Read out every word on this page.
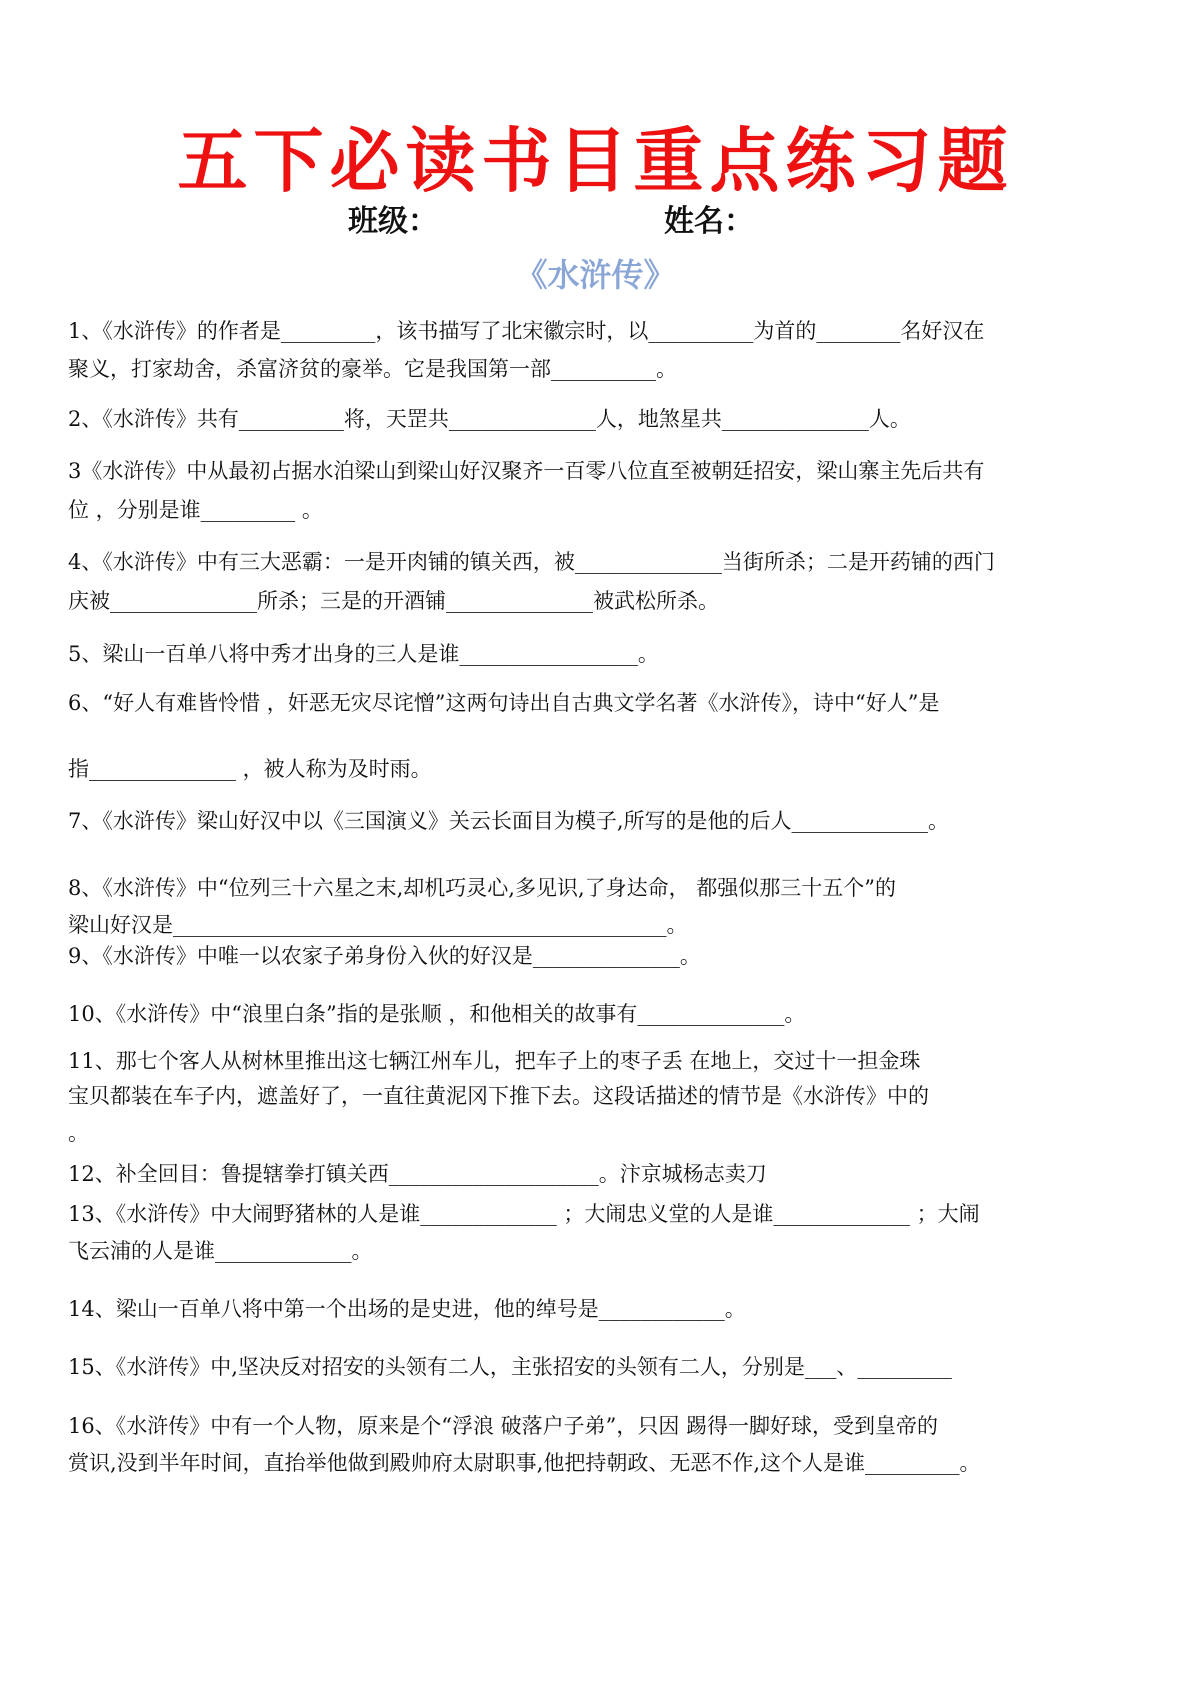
五下必读书目重点练习题
班级：	姓名：
《水浒传》
1、《水浒传》的作者是_________，该书描写了北宋徽宗时，以__________为首的________名好汉在
聚义，打家劫舍，杀富济贫的豪举。它是我国第一部__________。
2、《水浒传》共有__________将，天罡共______________人，地煞星共______________人。
3《水浒传》中从最初占据水泊梁山到梁山好汉聚齐一百零八位直至被朝廷招安，梁山寨主先后共有
位 ，分别是谁_________ 。
4、《水浒传》中有三大恶霸：一是开肉铺的镇关西，被______________当街所杀；二是开药铺的西门
庆被______________所杀；三是的开酒铺______________被武松所杀。
5、梁山一百单八将中秀才出身的三人是谁_________________。
6、“好人有难皆怜惜 ，奸恶无灾尽诧憎”这两句诗出自古典文学名著《水浒传》，诗中“好人”是
指______________ ，被人称为及时雨。
7、《水浒传》梁山好汉中以《三国演义》关云长面目为模子,所写的是他的后人_____________。
8、《水浒传》中“位列三十六星之末,却机巧灵心,多见识,了身达命， 都强似那三十五个”的
梁山好汉是_______________________________________________。
9、《水浒传》中唯一以农家子弟身份入伙的好汉是______________。
10、《水浒传》中“浪里白条”指的是张顺 ，和他相关的故事有______________。
11、那七个客人从树林里推出这七辆江州车儿，把车子上的枣子丢 在地上，交过十一担金珠
宝贝都装在车子内，遮盖好了，一直往黄泥冈下推下去。这段话描述的情节是《水浒传》中的
。
12、补全回目：鲁提辖拳打镇关西____________________。汴京城杨志卖刀
13、《水浒传》中大闹野猪林的人是谁_____________ ；大闹忠义堂的人是谁_____________ ；大闹
飞云浦的人是谁_____________。
14、梁山一百单八将中第一个出场的是史进，他的绰号是____________。
15、《水浒传》中,坚决反对招安的头领有二人，主张招安的头领有二人，分别是___、_________
16、《水浒传》中有一个人物，原来是个“浮浪 破落户子弟”，只因 踢得一脚好球，受到皇帝的
赏识,没到半年时间，直抬举他做到殿帅府太尉职事,他把持朝政、无恶不作,这个人是谁_________。
